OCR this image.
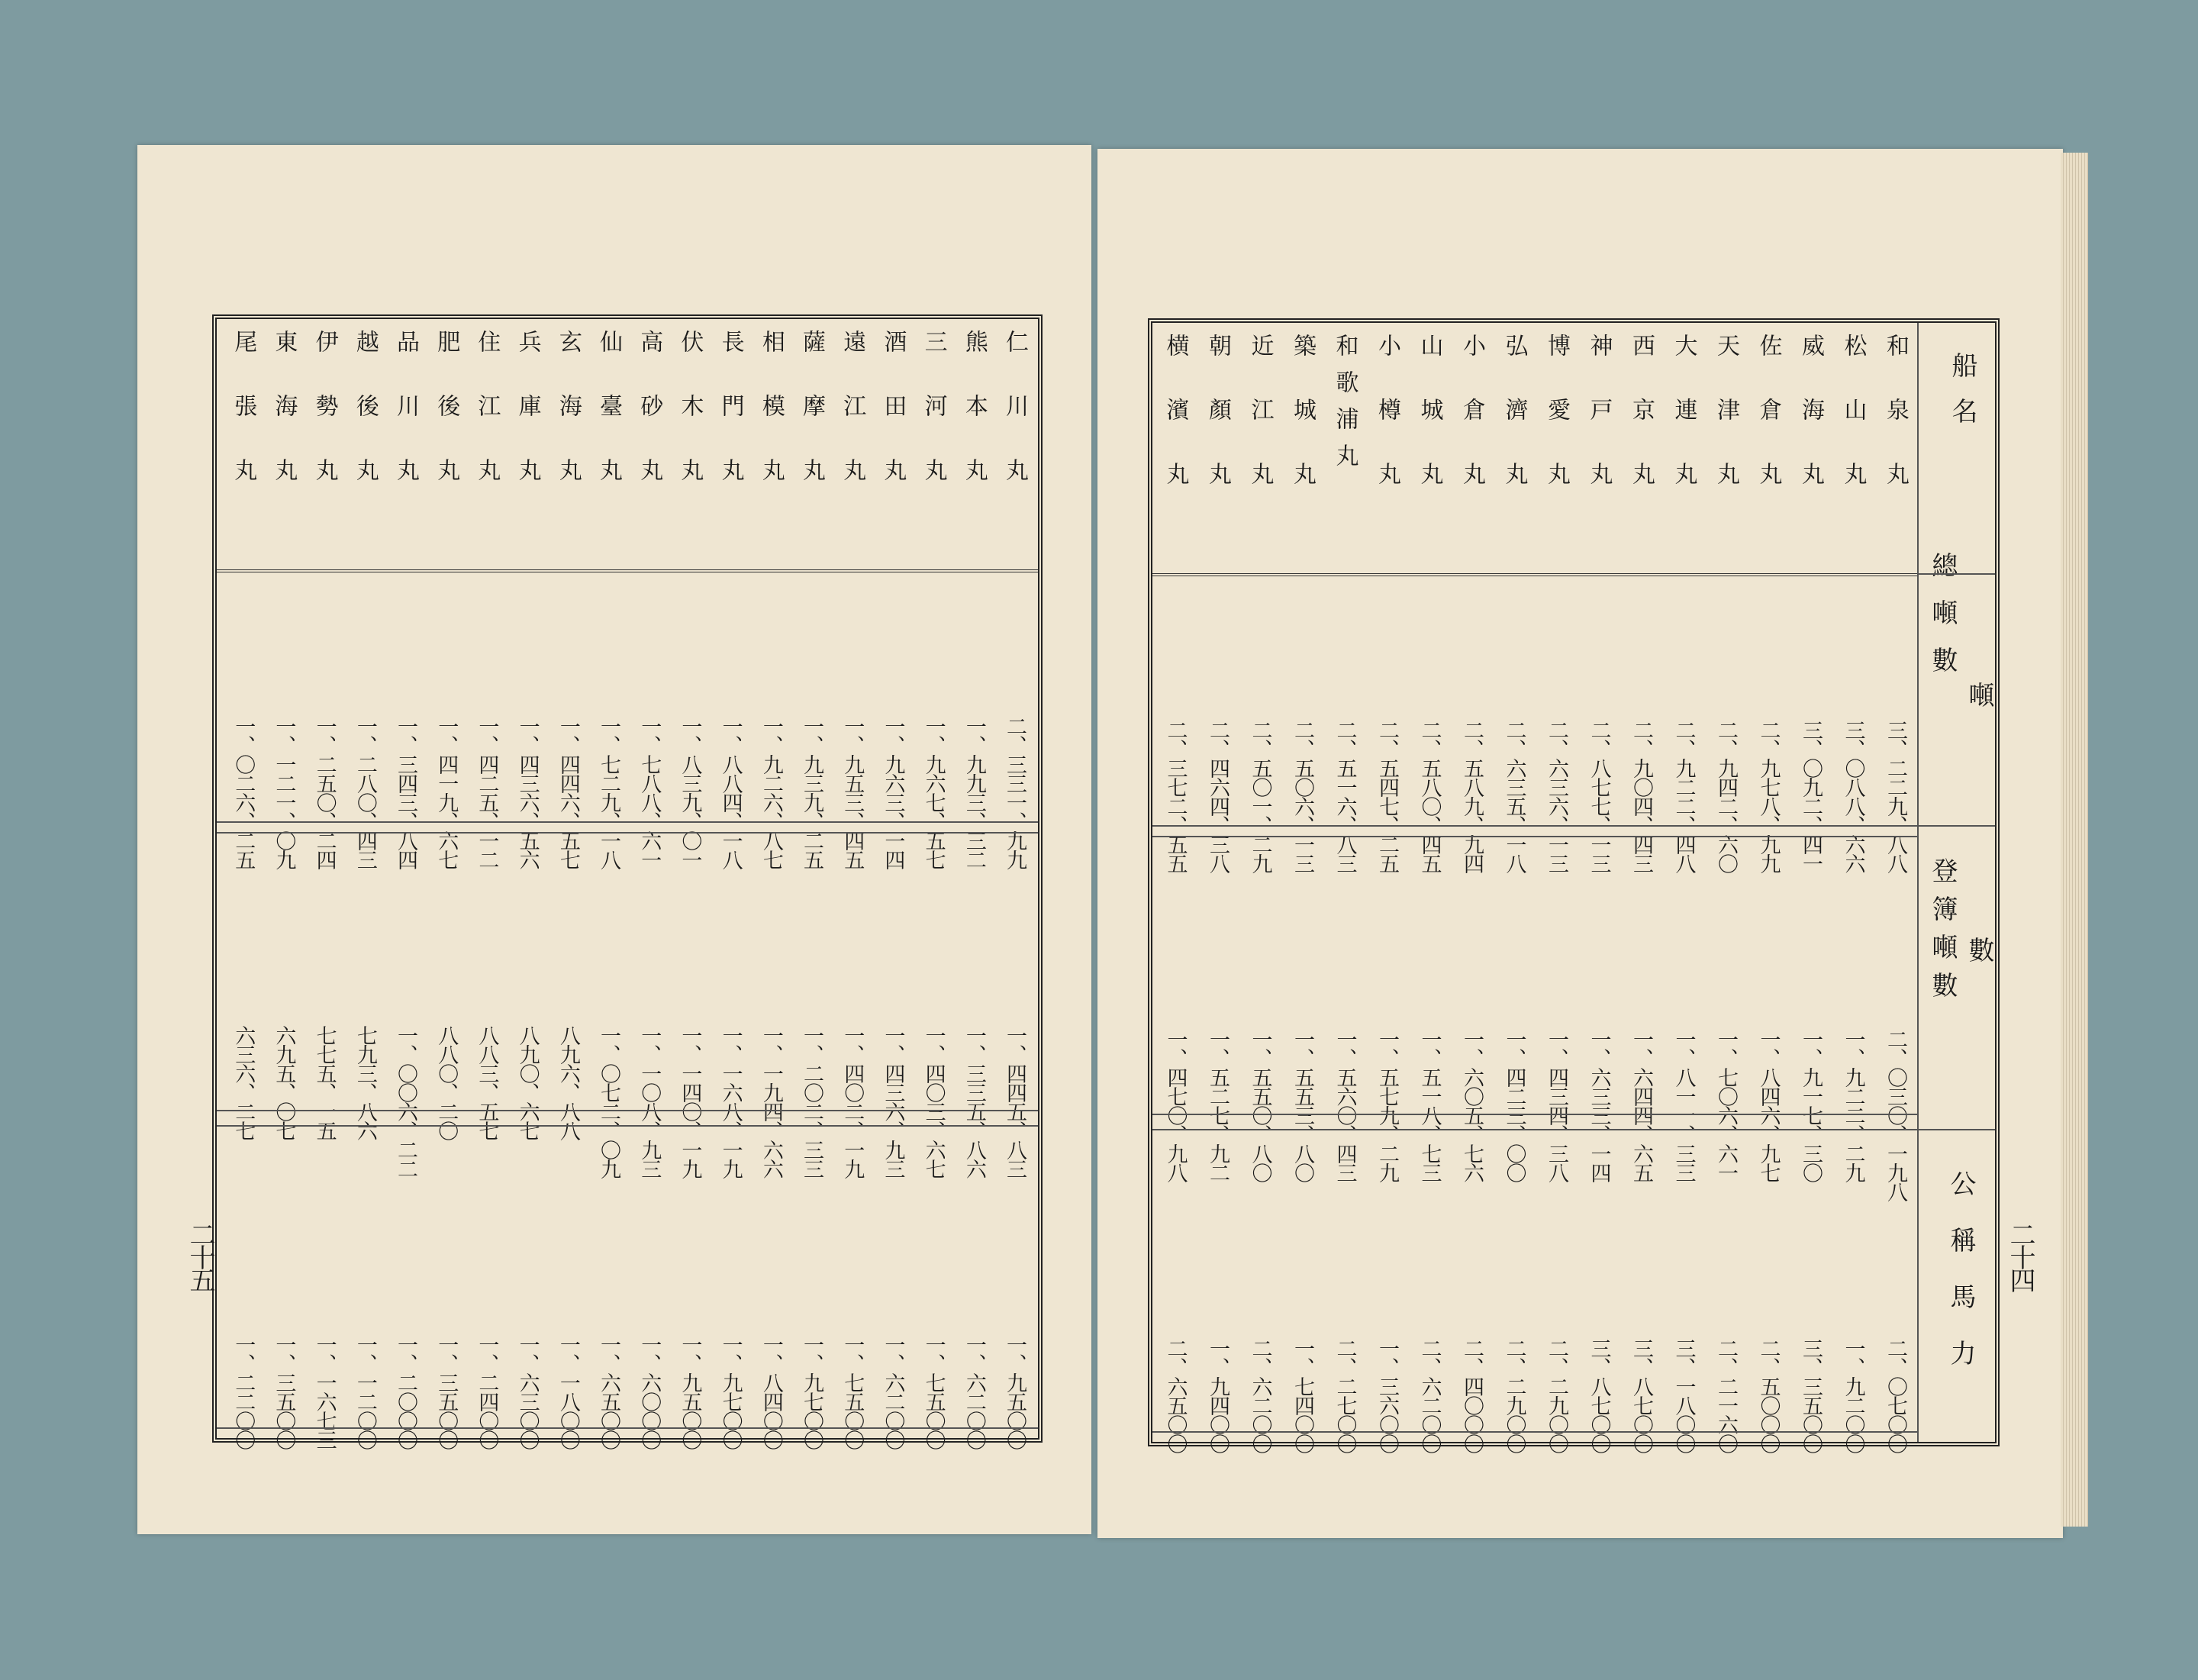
仁川丸
二、三三一、九九
一、四四五、八三
一、九五〇〇
熊本丸
一、九九三、三二
一、三三五、八六
一、六二〇〇
三河丸
一、九六七、五七
一、四〇三、六七
一、七五〇〇
酒田丸
一、九六三、一四
一、四三六、九三
一、六二〇〇
遠江丸
一、九五三、四五
一、四〇二、一九
一、七五〇〇
薩摩丸
一、九三九、二五
一、二〇二、三三
一、九七〇〇
相模丸
一、九二六、八七
一、一九四、六六
一、八四〇〇
長門丸
一、八八四、一八
一、一六八、一九
一、九七〇〇
伏木丸
一、八三九、〇一
一、一四〇、一九
一、九五〇〇
高砂丸
一、七八八、六一
一、一〇八、九三
一、六〇〇〇
仙臺丸
一、七二九、一八
一、〇七二、〇九
一、六五〇〇
玄海丸
一、四四六、五七
八九六、八八
一、一八〇〇
兵庫丸
一、四三六、五六
八九〇、六七
一、六三〇〇
住江丸
一、四二五、一二
八八三、五七
一、二四〇〇
肥後丸
一、四一九、六七
八八〇、二〇
一、三五〇〇
品川丸
一、三四三、八四
一、〇〇六、二二
一、二〇〇〇
越後丸
一、二八〇、四三
七九三、八六
一、一二〇〇
伊勢丸
一、二五〇、二四
七七五、一五
一、一六七三
東海丸
一、一二一、〇九
六九五、〇七
一、三五〇〇
尾張丸
一、〇二六、二五
六三六、二七
一、二二〇〇
二十五
船名
噸數
總噸數
登簿噸數
公稱馬力
和泉丸
三、二二九、八八
二、〇三〇、一九八
二、〇七〇〇
松山丸
三、〇八八、六六
一、九二二、二九
一、九二〇〇
威海丸
三、〇九二、四一
一、九一七、三〇
三、三五〇〇
佐倉丸
二、九七八、九九
一、八四六、九七
二、五〇〇〇
天津丸
二、九四二、六〇
一、七〇六、六一
二、二一六〇
大連丸
二、九二二、四八
一、八一一、三三
三、一八〇〇
西京丸
二、九〇四、四三
一、六四四、六五
三、八七〇〇
神戸丸
二、八七七、一三
一、六三三、一四
三、八七〇〇
博愛丸
二、六三六、一三
一、四三四、三八
二、二九〇〇
弘濟丸
二、六三五、一八
一、四二三、〇〇
二、二九〇〇
小倉丸
二、五八九、九四
一、六〇五、七六
二、四〇〇〇
山城丸
二、五八〇、四五
一、五一八、七三
二、六二〇〇
小樽丸
二、五四七、二五
一、五七九、二九
一、三六〇〇
和歌浦丸
二、五一六、八三
一、五六〇、四三
二、二七〇〇
築城丸
二、五〇六、一三
一、五五三、八〇
一、七四〇〇
近江丸
二、五〇一、二九
一、五五〇、八〇
二、六二〇〇
朝顏丸
二、四六四、三八
一、五二七、九二
一、九四〇〇
横濱丸
二、三七二、五五
一、四七〇、九八
二、六五〇〇
二十四
